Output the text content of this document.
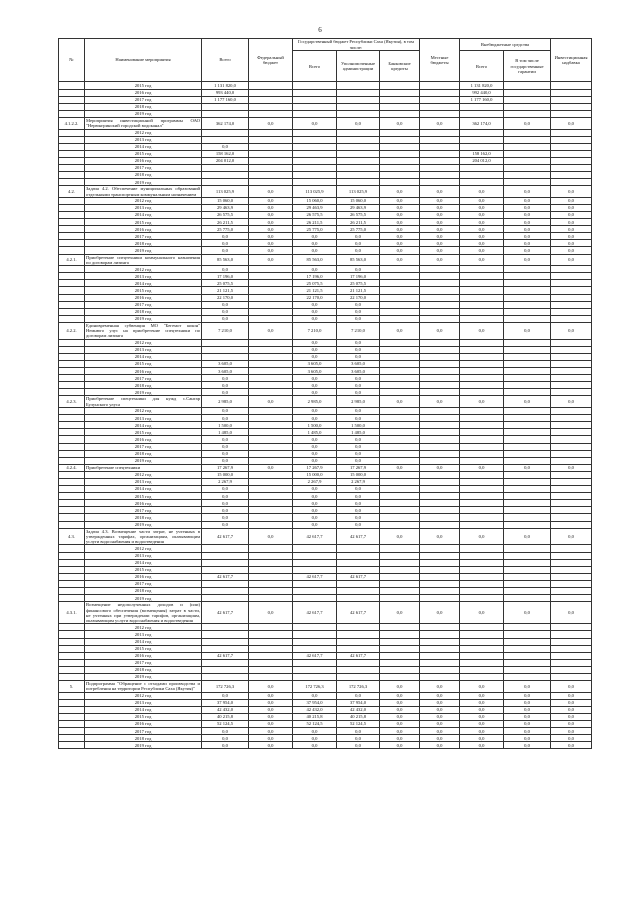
6
№	Наименование мероприятия	Всего	Федеральный бюджет	Государственный бюджет Республики Саха (Якутия), в том числе:			Местные бюджеты	Внебюджетные средства		Инвестиционная надбавка
				Всего	Уполномоченные администрации	Банковские кредиты		Всего	В том числе государственные гарантии	

	2015 год	1 131 820,0						1 131 820,0		
	2016 год	993 440,0						992 440,0		
	2017 год	1 177 160,0						1 177 160,0		
	2018 год									
	2019 год									
4.1.2.2.	Мероприятия инвестиционной программы ОАО "Нерюнгринский городской водоканал"	362 174,0	0,0	0,0	0,0	0,0	0,0	362 174,0	0,0	0,0
	2012 год									
	2013 год									
	2014 год	0,0								
	2015 год	158 162,0						158 162,0		
	2016 год	204 012,0						204 012,0		
	2017 год									
	2018 год									
	2019 год									
4.2.	Задача 4.2. Обеспечение муниципальных образований отдельными транспортным коммунальным назначением	113 025,9	0,0	113 025,9	113 025,9	0,0	0,0	0,0	0,0	0,0
	2012 год	15 060,0	0,0	15 060,0	15 060,0	0,0	0,0	0,0	0,0	0,0
	2013 год	29 463,9	0,0	29 463,9	29 463,9	0,0	0,0	0,0	0,0	0,0
	2014 год	26 575,5	0,0	26 575,5	26 575,5	0,0	0,0	0,0	0,0	0,0
	2015 год	26 211,5	0,0	26 211,5	26 211,5	0,0	0,0	0,0	0,0	0,0
	2016 год	25 775,0	0,0	25 775,0	25 775,0	0,0	0,0	0,0	0,0	0,0
	2017 год	0,0	0,0	0,0	0,0	0,0	0,0	0,0	0,0	0,0
	2018 год	0,0	0,0	0,0	0,0	0,0	0,0	0,0	0,0	0,0
	2019 год	0,0	0,0	0,0	0,0	0,0	0,0	0,0	0,0	0,0
4.2.1.	Приобретение спецтехники коммунального назначения по договорам лизинга	85 563,0	0,0	85 563,0	85 563,0	0,0	0,0	0,0	0,0	0,0
	2012 год	0,0		0,0	0,0					
	2013 год	17 196,0		17 196,0	17 196,0					
	2014 год	25 075,5		25 075,5	25 075,5					
	2015 год	21 121,5		21 121,5	21 121,5					
	2016 год	22 170,0		22 170,0	22 170,0					
	2017 год	0,0		0,0	0,0					
	2018 год	0,0		0,0	0,0					
	2019 год	0,0		0,0	0,0					
4.2.2.	Единовременная субвенция МО "Бегемот кокон" Немнюго улус на приобретение спецтехники по договорам лизинга	7 210,0	0,0	7 210,0	7 210,0	0,0	0,0	0,0	0,0	0,0
	2012 год			0,0	0,0					
	2013 год			0,0	0,0					
	2014 год			0,0	0,0					
	2015 год	3 605,0		3 605,0	3 605,0					
	2016 год	3 605,0		3 605,0	3 605,0					
	2017 год	0,0		0,0	0,0					
	2018 год	0,0		0,0	0,0					
	2019 год	0,0		0,0	0,0					
4.2.3.	Приобретение спецтехники для нужд с.Сангар Булунского улуса	2 985,0	0,0	2 985,0	2 985,0	0,0	0,0	0,0	0,0	0,0
	2012 год	0,0		0,0	0,0					
	2013 год	0,0		0,0	0,0					
	2014 год	1 500,0		1 500,0	1 500,0					
	2015 год	1 485,0		1 485,0	1 485,0					
	2016 год	0,0		0,0	0,0					
	2017 год	0,0		0,0	0,0					
	2018 год	0,0		0,0	0,0					
	2019 год	0,0		0,0	0,0					
4.2.4.	Приобретение спецтехники	17 267,9	0,0	17 267,9	17 267,9	0,0	0,0	0,0	0,0	0,0
	2012 год	15 000,0		15 000,0	15 000,0					
	2013 год	2 267,9		2 267,9	2 267,9					
	2014 год	0,0		0,0	0,0					
	2015 год	0,0		0,0	0,0					
	2016 год	0,0		0,0	0,0					
	2017 год	0,0		0,0	0,0					
	2018 год	0,0		0,0	0,0					
	2019 год	0,0		0,0	0,0					
4.3.	Задача 4.3. Возмещение части затрат, не учтенных в утвержденных тарифах, организациям, оказывающим услуги водоснабжения и водоотведения	42 617,7	0,0	42 617,7	42 617,7	0,0	0,0	0,0	0,0	0,0
	2012 год									
	2013 год									
	2014 год									
	2015 год									
	2016 год	42 617,7		42 617,7	42 617,7					
	2017 год									
	2018 год									
	2019 год									
4.3.1.	Возмещение недополученных доходов и (или) финансового обеспечения (возмещения) затрат в части, не учтенных при утверждении тарифов, организациям, оказывающим услуги водоснабжения и водоотведения	42 617,7	0,0	42 617,7	42 617,7	0,0	0,0	0,0	0,0	0,0
	2012 год									
	2013 год									
	2014 год									
	2015 год									
	2016 год	42 617,7		42 617,7	42 617,7					
	2017 год									
	2018 год									
	2019 год									
5.	Подпрограмма "Обращение с отходами производства и потребления на территории Республики Саха (Якутия)"	172 726,3	0,0	172 726,3	172 726,3	0,0	0,0	0,0	0,0	0,0
	2012 год	0,0	0,0	0,0	0,0	0,0	0,0	0,0	0,0	0,0
	2013 год	37 954,0	0,0	37 954,0	37 954,0	0,0	0,0	0,0	0,0	0,0
	2014 год	42 432,0	0,0	42 432,0	42 432,0	0,0	0,0	0,0	0,0	0,0
	2015 год	40 215,8	0,0	40 215,8	40 215,8	0,0	0,0	0,0	0,0	0,0
	2016 год	52 124,5	0,0	52 124,5	52 124,5	0,0	0,0	0,0	0,0	0,0
	2017 год	0,0	0,0	0,0	0,0	0,0	0,0	0,0	0,0	0,0
	2018 год	0,0	0,0	0,0	0,0	0,0	0,0	0,0	0,0	0,0
	2019 год	0,0	0,0	0,0	0,0	0,0	0,0	0,0	0,0	0,0
